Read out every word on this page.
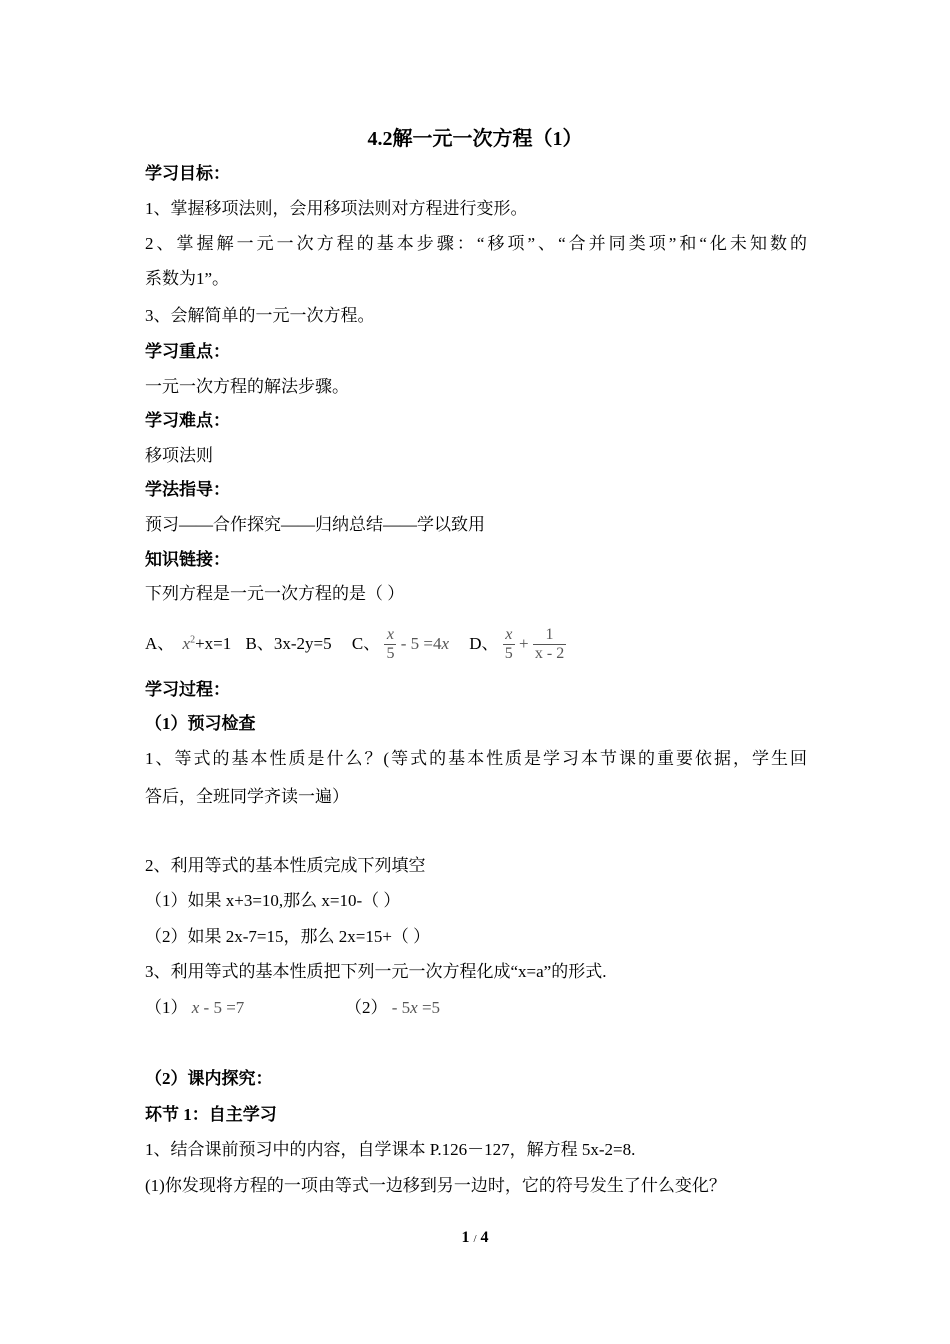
4.2解一元一次方程（1）
学习目标：
1、掌握移项法则，会用移项法则对方程进行变形。
2、掌握解一元一次方程的基本步骤：“移项”、“合并同类项”和“化未知数的
系数为1”。
3、会解简单的一元一次方程。
学习重点：
一元一次方程的解法步骤。
学习难点：
移项法则
学法指导：
预习——合作探究——归纳总结——学以致用
知识链接：
下列方程是一元一次方程的是（ ）
A、 $x^2+x=1$ B、3x-2y=5 C、 $\frac{x}{5} - 5 =4x$ D、 $\frac{x}{5} + \frac{1}{x - 2}$
学习过程：
（1）预习检查
1、等式的基本性质是什么？(等式的基本性质是学习本节课的重要依据，学生回
答后，全班同学齐读一遍）
2、利用等式的基本性质完成下列填空
（1）如果 x+3=10,那么 x=10-（ ）
（2）如果 2x-7=15，那么 2x=15+（ ）
3、利用等式的基本性质把下列一元一次方程化成“x=a”的形式.
（1） x - 5 =7	（2） - 5x =5
（2）课内探究：
环节 1：自主学习
1、结合课前预习中的内容，自学课本 P.126－127，解方程 5x-2=8.
(1)你发现将方程的一项由等式一边移到另一边时，它的符号发生了什么变化？
1 / 4
